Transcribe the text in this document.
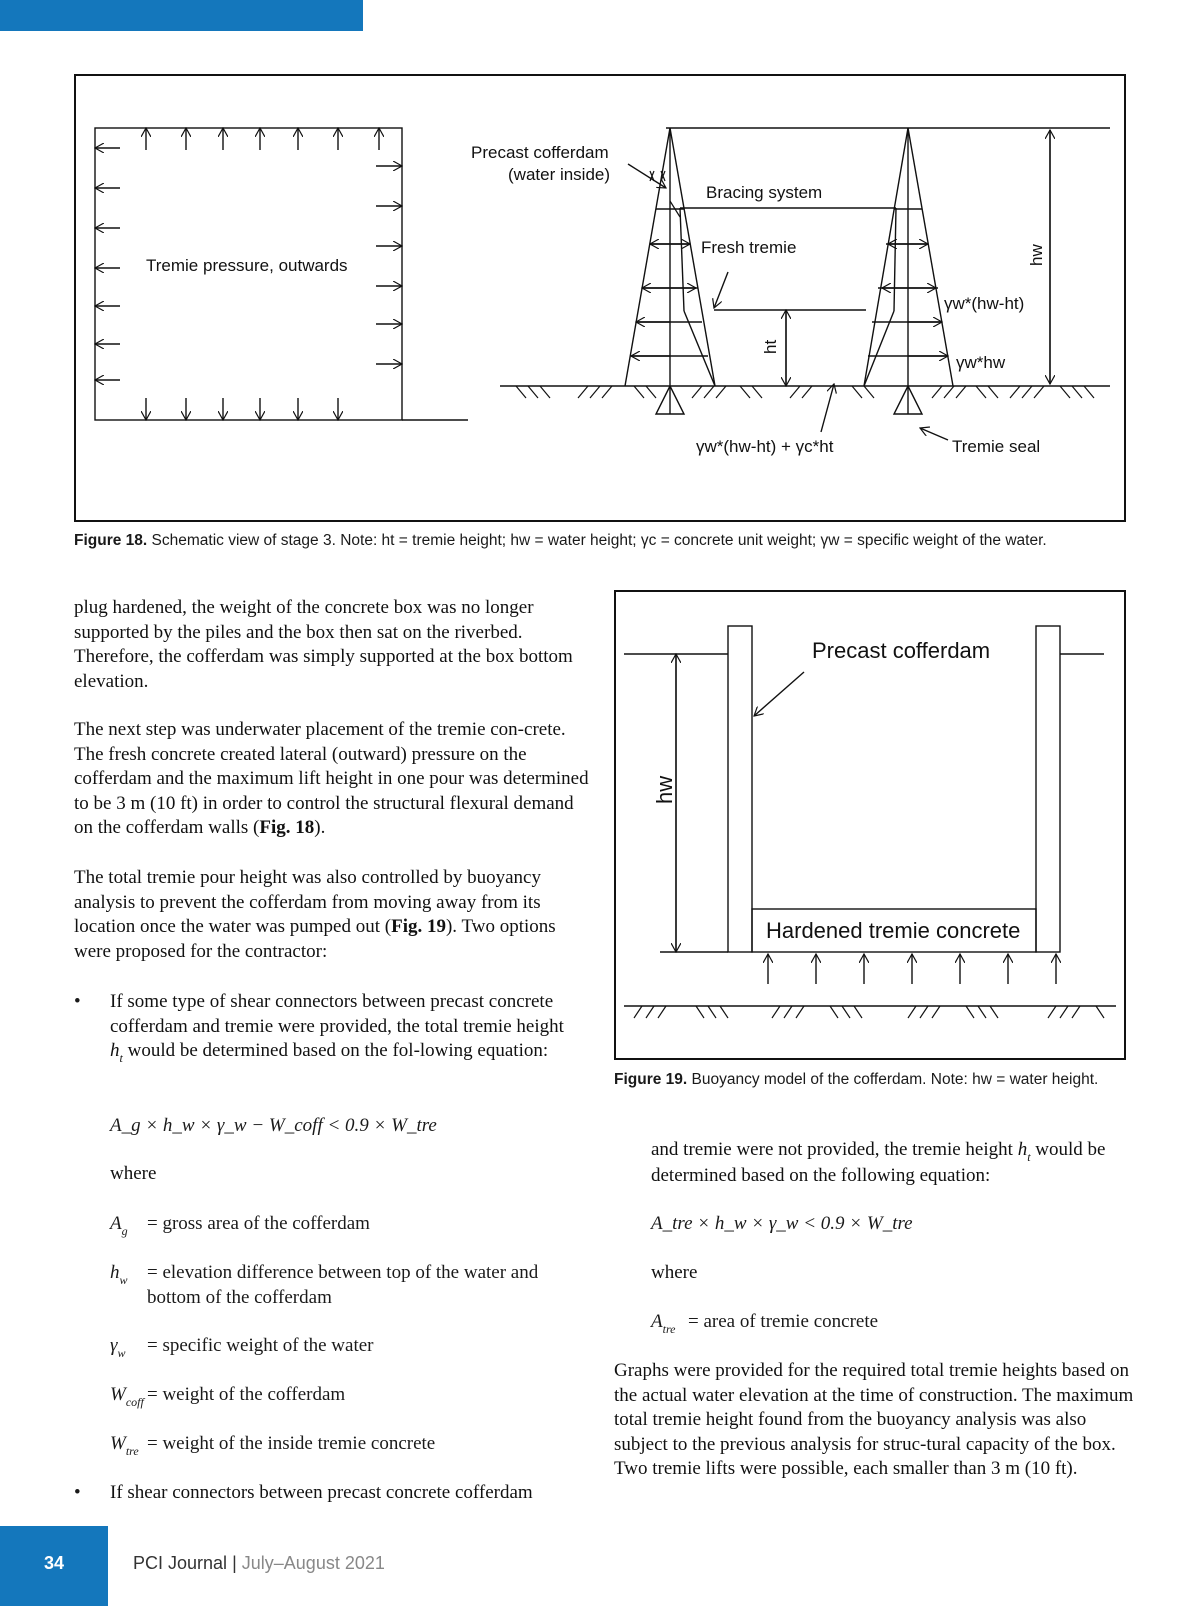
Precast cofferdam
(water inside)
Bracing system
Fresh tremie
Tremie pressure, outwards
γw*(hw-ht)
γw*hw
γw*(hw-ht) + γc*ht	Tremie seal
ht
hw
Figure 18. Schematic view of stage 3. Note: ht = tremie height; hw = water height; γc = concrete unit weight; γw = specific weight of the water.

plug hardened, the weight of the concrete box was no longer supported by the piles and the box then sat on the riverbed. Therefore, the cofferdam was simply supported at the box bottom elevation.

The next step was underwater placement of the tremie con-crete. The fresh concrete created lateral (outward) pressure on the cofferdam and the maximum lift height in one pour was determined to be 3 m (10 ft) in order to control the structural flexural demand on the cofferdam walls (Fig. 18).

The total tremie pour height was also controlled by buoyancy analysis to prevent the cofferdam from moving away from its location once the water was pumped out (Fig. 19). Two options were proposed for the contractor:

• If some type of shear connectors between precast concrete cofferdam and tremie were provided, the total tremie height $h_t$ would be determined based on the fol-lowing equation:

A_g × h_w × γ_w − W_coff < 0.9 × W_tre
where
$A_g$ = gross area of the cofferdam
$h_w$ = elevation difference between top of the water and bottom of the cofferdam
$\gamma_w$ = specific weight of the water
$W_{coff}$ = weight of the cofferdam
$W_{tre}$ = weight of the inside tremie concrete
• If shear connectors between precast concrete cofferdam
Precast cofferdam
Hardened tremie concrete
hw
Figure 19. Buoyancy model of the cofferdam. Note: hw = water height.

and tremie were not provided, the tremie height $h_t$ would be determined based on the following equation:

A_tre × h_w × γ_w < 0.9 × W_tre
where
$A_{tre}$ = area of tremie concrete

Graphs were provided for the required total tremie heights based on the actual water elevation at the time of construction. The maximum total tremie height found from the buoyancy analysis was also subject to the previous analysis for struc-tural capacity of the box. Two tremie lifts were possible, each smaller than 3 m (10 ft).

34	PCI Journal | July–August 2021
